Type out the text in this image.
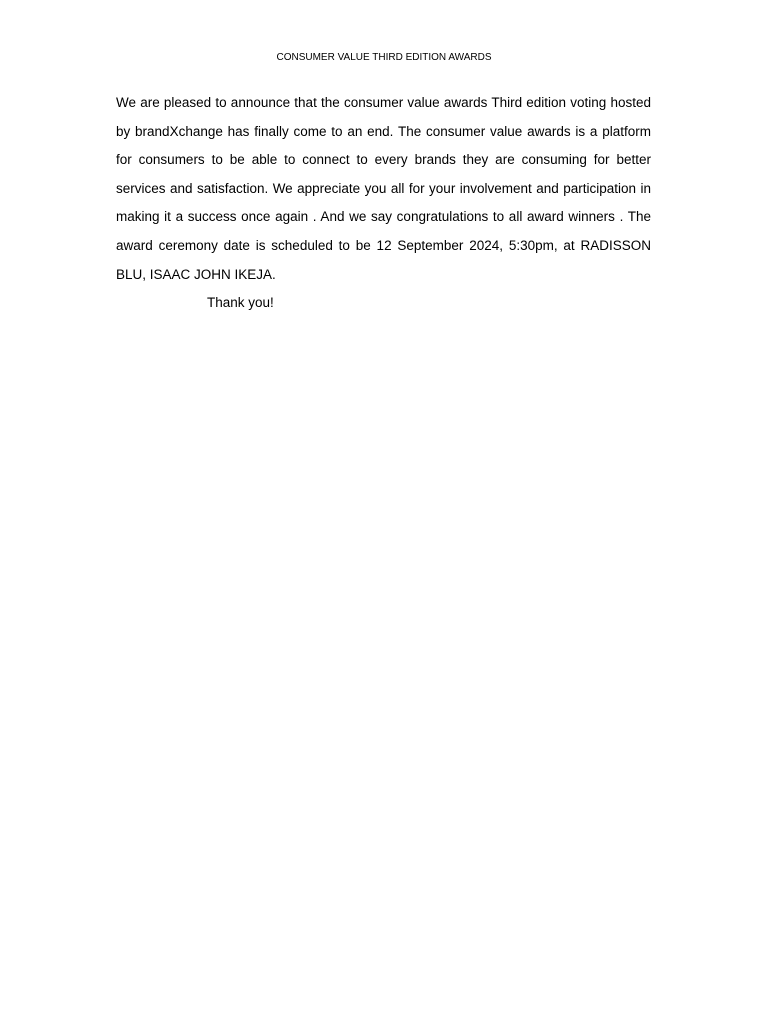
CONSUMER VALUE THIRD EDITION AWARDS

We are pleased to announce that the consumer value awards Third edition voting hosted by brandXchange has finally come to an end. The consumer value awards is a platform for consumers to be able to connect to every brands they are consuming for better services and satisfaction. We appreciate you all for your involvement and participation in making it a success once again . And we say congratulations to all award winners . The award ceremony date is scheduled to be 12 September 2024, 5:30pm, at RADISSON BLU, ISAAC JOHN IKEJA.

Thank you!
